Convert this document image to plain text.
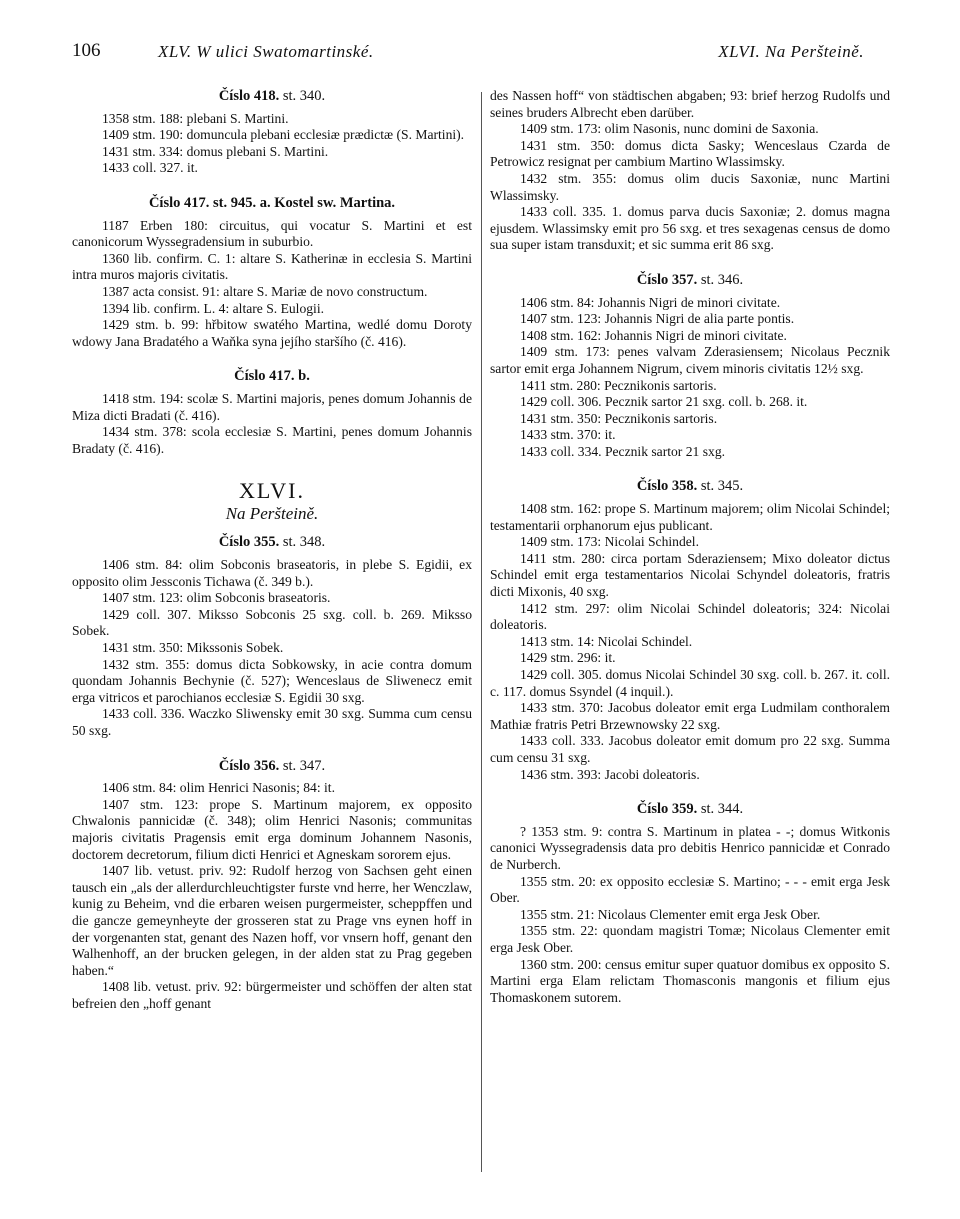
106	XLV. W ulici Swatomartinské.	XLVI. Na Peršteině.

Číslo 418. st. 340.

1358 stm. 188: plebani S. Martini.

1409 stm. 190: domuncula plebani ecclesiæ prædictæ (S. Martini).

1431 stm. 334: domus plebani S. Martini.

1433 coll. 327. it.

Číslo 417. st. 945. a. Kostel sw. Martina.

1187 Erben 180: circuitus, qui vocatur S. Martini et est canonicorum Wyssegradensium in suburbio.

1360 lib. confirm. C. 1: altare S. Katherinæ in ecclesia S. Martini intra muros majoris civitatis.

1387 acta consist. 91: altare S. Mariæ de novo constructum.

1394 lib. confirm. L. 4: altare S. Eulogii.

1429 stm. b. 99: hřbitow swatého Martina, wedlé domu Doroty wdowy Jana Bradatého a Waňka syna jejího staršího (č. 416).

Číslo 417. b.

1418 stm. 194: scolæ S. Martini majoris, penes domum Johannis de Miza dicti Bradati (č. 416).

1434 stm. 378: scola ecclesiæ S. Martini, penes domum Johannis Bradaty (č. 416).

XLVI.

Na Peršteině.

Číslo 355. st. 348.

1406 stm. 84: olim Sobconis braseatoris, in plebe S. Egidii, ex opposito olim Jessconis Tichawa (č. 349 b.).

1407 stm. 123: olim Sobconis braseatoris.

1429 coll. 307. Miksso Sobconis 25 sxg. coll. b. 269. Miksso Sobek.

1431 stm. 350: Mikssonis Sobek.

1432 stm. 355: domus dicta Sobkowsky, in acie contra domum quondam Johannis Bechynie (č. 527); Wenceslaus de Sliwenecz emit erga vitricos et parochianos ecclesiæ S. Egidii 30 sxg.

1433 coll. 336. Waczko Sliwensky emit 30 sxg. Summa cum censu 50 sxg.

Číslo 356. st. 347.

1406 stm. 84: olim Henrici Nasonis; 84: it.

1407 stm. 123: prope S. Martinum majorem, ex opposito Chwalonis pannicidæ (č. 348); olim Henrici Nasonis; communitas majoris civitatis Pragensis emit erga dominum Johannem Nasonis, doctorem decretorum, filium dicti Henrici et Agneskam sororem ejus.

1407 lib. vetust. priv. 92: Rudolf herzog von Sachsen geht einen tausch ein „als der allerdurchleuchtigster furste vnd herre, her Wenczlaw, kunig zu Beheim, vnd die erbaren weisen purgermeister, scheppffen und die gancze gemeynheyte der grosseren stat zu Prage vns eynen hoff in der vorgenanten stat, genant des Nazen hoff, vor vnsern hoff, genant den Walhenhoff, an der brucken gelegen, in der alden stat zu Prag gegeben haben.“

1408 lib. vetust. priv. 92: bürgermeister und schöffen der alten stat befreien den „hoff genant

des Nassen hoff“ von städtischen abgaben; 93: brief herzog Rudolfs und seines bruders Albrecht eben darüber.

1409 stm. 173: olim Nasonis, nunc domini de Saxonia.

1431 stm. 350: domus dicta Sasky; Wenceslaus Czarda de Petrowicz resignat per cambium Martino Wlassimsky.

1432 stm. 355: domus olim ducis Saxoniæ, nunc Martini Wlassimsky.

1433 coll. 335. 1. domus parva ducis Saxoniæ; 2. domus magna ejusdem. Wlassimsky emit pro 56 sxg. et tres sexagenas census de domo sua super istam transduxit; et sic summa erit 86 sxg.

Číslo 357. st. 346.

1406 stm. 84: Johannis Nigri de minori civitate.

1407 stm. 123: Johannis Nigri de alia parte pontis.

1408 stm. 162: Johannis Nigri de minori civitate.

1409 stm. 173: penes valvam Zderasiensem; Nicolaus Pecznik sartor emit erga Johannem Nigrum, civem minoris civitatis 12½ sxg.

1411 stm. 280: Pecznikonis sartoris.

1429 coll. 306. Pecznik sartor 21 sxg. coll. b. 268. it.

1431 stm. 350: Pecznikonis sartoris.

1433 stm. 370: it.

1433 coll. 334. Pecznik sartor 21 sxg.

Číslo 358. st. 345.

1408 stm. 162: prope S. Martinum majorem; olim Nicolai Schindel; testamentarii orphanorum ejus publicant.

1409 stm. 173: Nicolai Schindel.

1411 stm. 280: circa portam Sderaziensem; Mixo doleator dictus Schindel emit erga testamentarios Nicolai Schyndel doleatoris, fratris dicti Mixonis, 40 sxg.

1412 stm. 297: olim Nicolai Schindel doleatoris; 324: Nicolai doleatoris.

1413 stm. 14: Nicolai Schindel.

1429 stm. 296: it.

1429 coll. 305. domus Nicolai Schindel 30 sxg. coll. b. 267. it. coll. c. 117. domus Ssyndel (4 inquil.).

1433 stm. 370: Jacobus doleator emit erga Ludmilam conthoralem Mathiæ fratris Petri Brzewnowsky 22 sxg.

1433 coll. 333. Jacobus doleator emit domum pro 22 sxg. Summa cum censu 31 sxg.

1436 stm. 393: Jacobi doleatoris.

Číslo 359. st. 344.

? 1353 stm. 9: contra S. Martinum in platea - -; domus Witkonis canonici Wyssegradensis data pro debitis Henrico pannicidæ et Conrado de Nurberch.

1355 stm. 20: ex opposito ecclesiæ S. Martino; - - - emit erga Jesk Ober.

1355 stm. 21: Nicolaus Clementer emit erga Jesk Ober.

1355 stm. 22: quondam magistri Tomæ; Nicolaus Clementer emit erga Jesk Ober.

1360 stm. 200: census emitur super quatuor domibus ex opposito S. Martini erga Elam relictam Thomasconis mangonis et filium ejus Thomaskonem sutorem.
